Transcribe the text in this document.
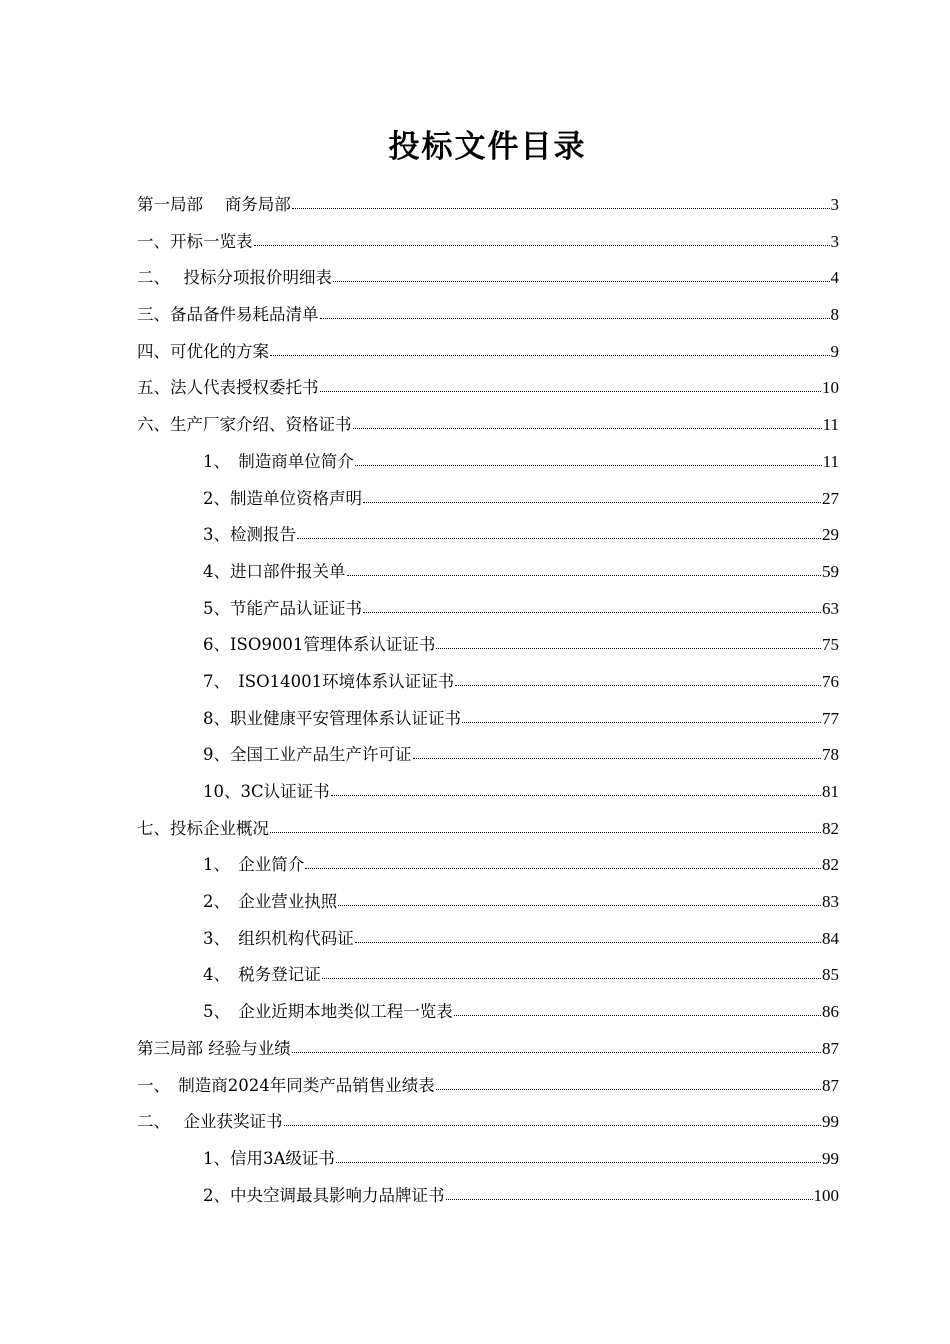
投标文件目录
第一局部　 商务局部	3
一、开标一览表	3
二、　 投标分项报价明细表	4
三、备品备件易耗品清单	8
四、可优化的方案	9
五、法人代表授权委托书	10
六、生产厂家介绍、资格证书	11
1、　制造商单位简介	11
2、制造单位资格声明	27
3、检测报告	29
4、进口部件报关单	59
5、节能产品认证证书	63
6、ISO9001管理体系认证证书	75
7、　ISO14001环境体系认证证书	76
8、职业健康平安管理体系认证证书	77
9、全国工业产品生产许可证	78
10、3C认证证书	81
七、投标企业概况	82
1、　企业简介	82
2、　企业营业执照	83
3、　组织机构代码证	84
4、　税务登记证	85
5、　企业近期本地类似工程一览表	86
第三局部 经验与业绩	87
一、　制造商2024年同类产品销售业绩表	87
二、　 企业获奖证书	99
1、信用3A级证书	99
2、中央空调最具影响力品牌证书	100
